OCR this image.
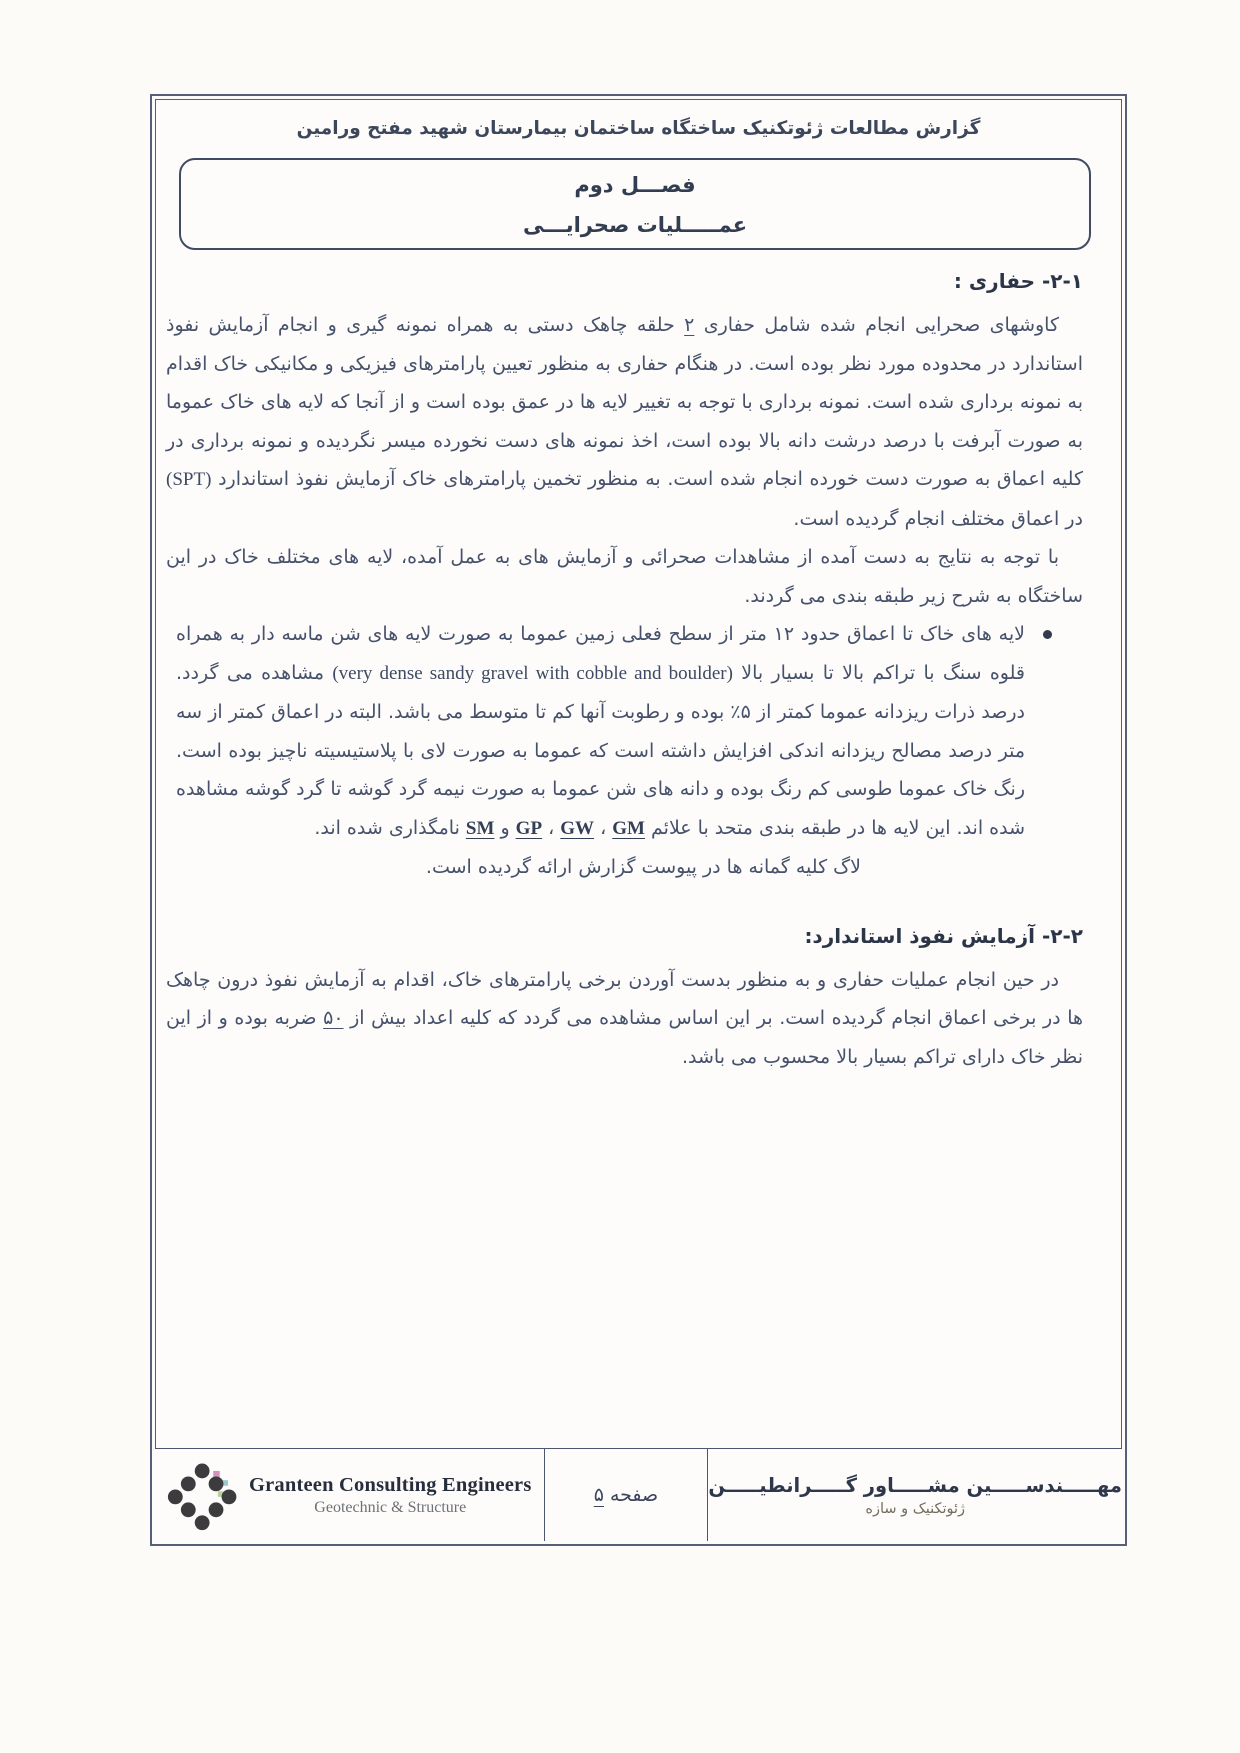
گزارش مطالعات ژئوتکنیک ساختگاه ساختمان بیمارستان شهید مفتح ورامین
فصـــل دوم
عمـــــلیات صحرایـــی
۲-۱- حفاری :

کاوشهای صحرایی انجام شده شامل حفاری ۲ حلقه چاهک دستی به همراه نمونه گیری و انجام آزمایش نفوذ استاندارد در محدوده مورد نظر بوده است. در هنگام حفاری به منظور تعیین پارامترهای فیزیکی و مکانیکی خاک اقدام به نمونه برداری شده است. نمونه برداری با توجه به تغییر لایه ها در عمق بوده است و از آنجا که لایه های خاک عموما به صورت آبرفت با درصد درشت دانه بالا بوده است، اخذ نمونه های دست نخورده میسر نگردیده و نمونه برداری در کلیه اعماق به صورت دست خورده انجام شده است. به منظور تخمین پارامترهای خاک آزمایش نفوذ استاندارد (SPT) در اعماق مختلف انجام گردیده است.

با توجه به نتایج به دست آمده از مشاهدات صحرائی و آزمایش های به عمل آمده، لایه های مختلف خاک در این ساختگاه به شرح زیر طبقه بندی می گردند.

لایه های خاک تا اعماق حدود ۱۲ متر از سطح فعلی زمین عموما به صورت لایه های شن ماسه دار به همراه قلوه سنگ با تراکم بالا تا بسیار بالا (very dense sandy gravel with cobble and boulder) مشاهده می گردد. درصد ذرات ریزدانه عموما کمتر از ۵٪ بوده و رطوبت آنها کم تا متوسط می باشد. البته در اعماق کمتر از سه متر درصد مصالح ریزدانه اندکی افزایش داشته است که عموما به صورت لای با پلاستیسیته ناچیز بوده است. رنگ خاک عموما طوسی کم رنگ بوده و دانه های شن عموما به صورت نیمه گرد گوشه تا گرد گوشه مشاهده شده اند. این لایه ها در طبقه بندی متحد با علائم GP ، GW ، GM و SM نامگذاری شده اند.

لاگ کلیه گمانه ها در پیوست گزارش ارائه گردیده است.

۲-۲- آزمایش نفوذ استاندارد:

در حین انجام عملیات حفاری و به منظور بدست آوردن برخی پارامترهای خاک، اقدام به آزمایش نفوذ درون چاهک ها در برخی اعماق انجام گردیده است. بر این اساس مشاهده می گردد که کلیه اعداد بیش از ۵۰ ضربه بوده و از این نظر خاک دارای تراکم بسیار بالا محسوب می باشد.

Granteen Consulting Engineers
Geotechnic & Structure
صفحه
۵	مهـــــندســـــین مشـــــاور گـــــرانطیـــــن
ژئوتکنیک و سازه
